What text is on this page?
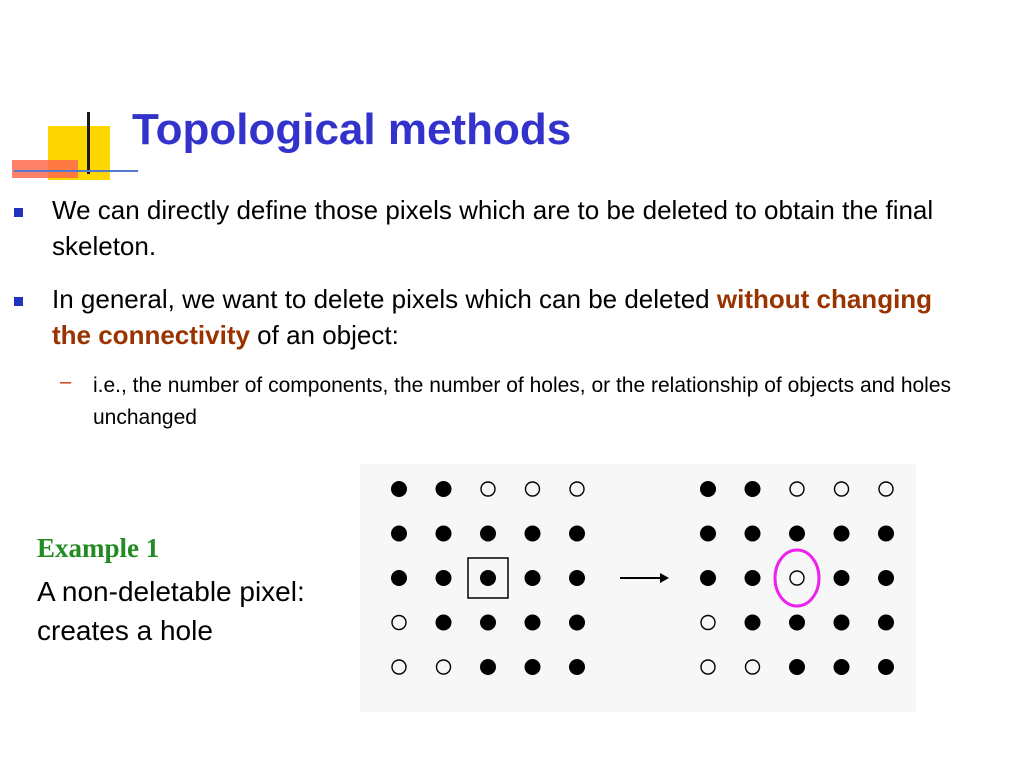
Topological methods
We can directly define those pixels which are to be deleted to obtain the final skeleton.
In general, we want to delete pixels which can be deleted without changing the connectivity of an object:
– i.e., the number of components, the number of holes, or the relationship of objects and holes unchanged
Example 1
A non-deletable pixel:
creates a hole
